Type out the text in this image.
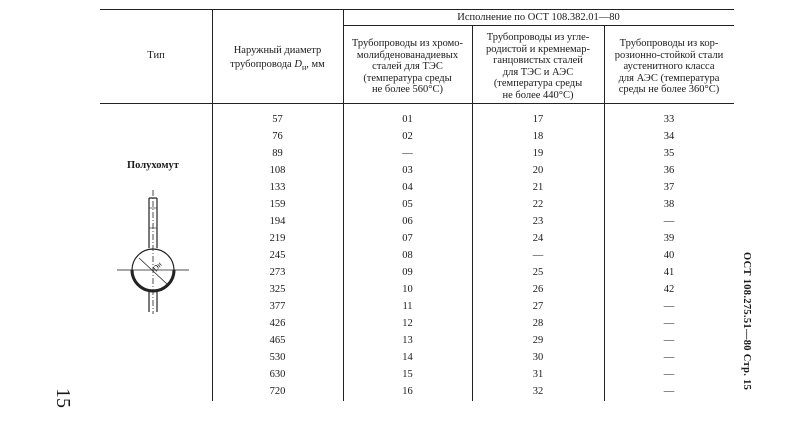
Тип	Наружный диаметр
трубопровода $D_н$, мм
Исполнение по ОСТ 108.382.01—80
Трубопроводы из хромо-
молибденованадиевых
сталей для ТЭС
(температура среды
не более 560°C)
Трубопроводы из угле-
родистой и кремнемар-
ганцовистых сталей
для ТЭС и АЭС
(температура среды
не более 440°C)
Трубопроводы из кор-
розионно-стойкой стали
аустенитного класса
для АЭС (температура
среды не более 360°C)
Полухомут
Dн
57	01	17	33
76	02	18	34
89	—	19	35
108	03	20	36
133	04	21	37
159	05	22	38
194	06	23	—
219	07	24	39
245	08	—	40
273	09	25	41
325	10	26	42
377	11	27	—
426	12	28	—
465	13	29	—
530	14	30	—
630	15	31	—
720	16	32	—
ОСТ 108.275.51—80 Стр. 15
15
